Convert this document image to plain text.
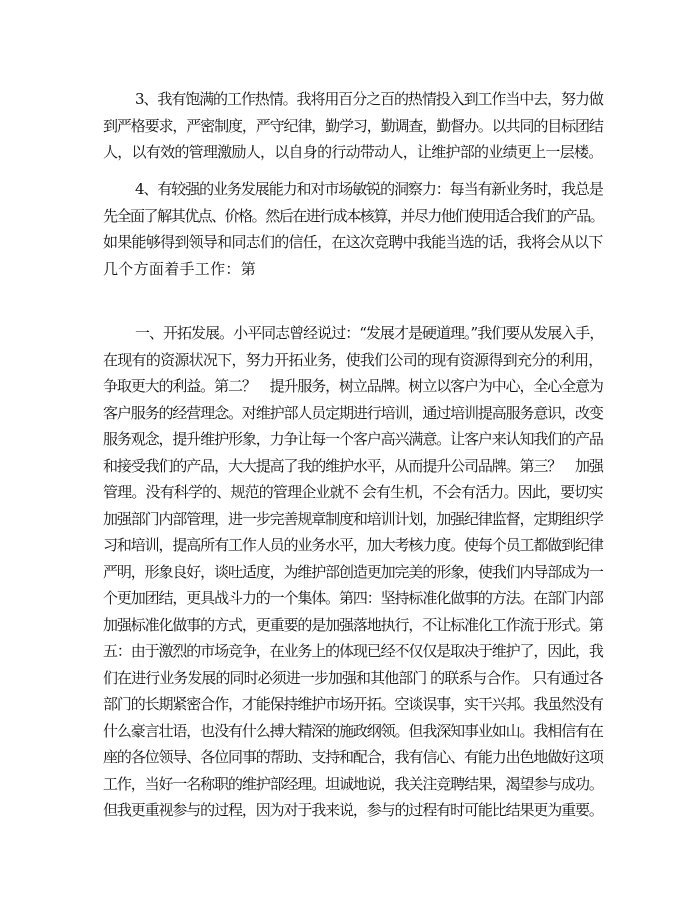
3、我有饱满的工作热情。我将用百分之百的热情投入到工作当中去，努力做
到严格要求，严密制度，严守纪律，勤学习，勤调查，勤督办。以共同的目标团结
人，以有效的管理激励人，以自身的行动带动人，让维护部的业绩更上一层楼。
4、有较强的业务发展能力和对市场敏锐的洞察力：每当有新业务时，我总是
先全面了解其优点、价格。然后在进行成本核算，并尽力他们使用适合我们的产品。
如果能够得到领导和同志们的信任，在这次竞聘中我能当选的话，我将会从以下
几个方面着手工作：第
一、开拓发展。小平同志曾经说过：“发展才是硬道理。”我们要从发展入手，
在现有的资源状况下，努力开拓业务，使我们公司的现有资源得到充分的利用，
争取更大的利益。第二？　提升服务，树立品牌。树立以客户为中心，全心全意为
客户服务的经营理念。对维护部人员定期进行培训，通过培训提高服务意识，改变
服务观念，提升维护形象，力争让每一个客户高兴满意。让客户来认知我们的产品
和接受我们的产品，大大提高了我的维护水平，从而提升公司品牌。第三？　加强
管理。没有科学的、规范的管理企业就不 会有生机，不会有活力。因此，要切实
加强部门内部管理，进一步完善规章制度和培训计划，加强纪律监督，定期组织学
习和培训，提高所有工作人员的业务水平，加大考核力度。使每个员工都做到纪律
严明，形象良好，谈吐适度，为维护部创造更加完美的形象，使我们内导部成为一
个更加团结，更具战斗力的一个集体。第四：坚持标准化做事的方法。在部门内部
加强标准化做事的方式，更重要的是加强落地执行，不让标准化工作流于形式。第
五：由于激烈的市场竞争，在业务上的体现已经不仅仅是取决于维护了，因此，我
们在进行业务发展的同时必须进一步加强和其他部门 的联系与合作。 只有通过各
部门的长期紧密合作，才能保持维护市场开拓。空谈误事，实干兴邦。我虽然没有
什么豪言壮语，也没有什么搏大精深的施政纲领。但我深知事业如山。我相信有在
座的各位领导、各位同事的帮助、支持和配合，我有信心、有能力出色地做好这项
工作，当好一名称职的维护部经理。坦诚地说，我关注竞聘结果，渴望参与成功。
但我更重视参与的过程，因为对于我来说，参与的过程有时可能比结果更为重要。
